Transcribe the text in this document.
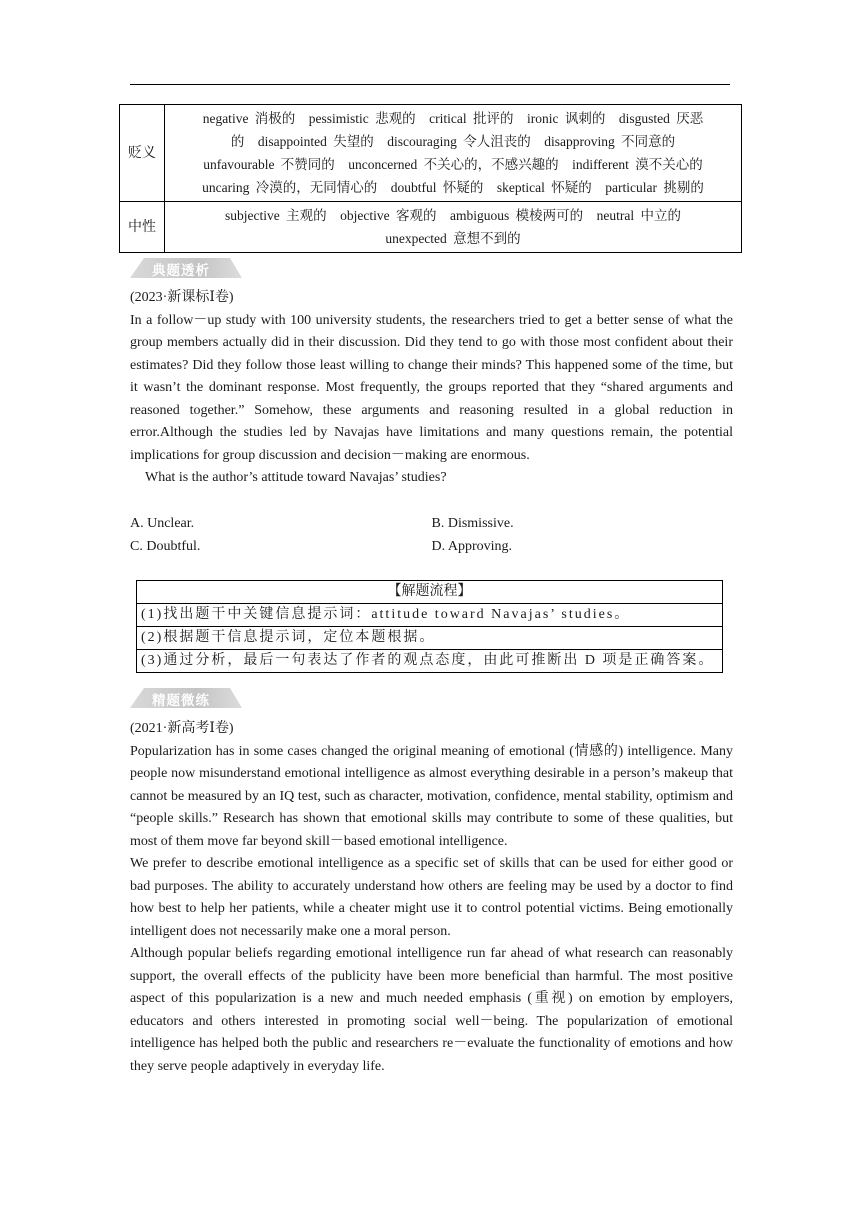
贬义	negative 消极的　pessimistic 悲观的　critical 批评的　ironic 讽刺的　disgusted 厌恶
的　disappointed 失望的　discouraging 令人沮丧的　disapproving 不同意的
unfavourable 不赞同的　unconcerned 不关心的，不感兴趣的　indifferent 漠不关心的
uncaring 冷漠的，无同情心的　doubtful 怀疑的　skeptical 怀疑的　particular 挑剔的

中性	subjective 主观的　objective 客观的　ambiguous 模棱两可的　neutral 中立的
unexpected 意想不到的
典题透析

(2023·新课标Ⅰ卷)

In a follow－up study with 100 university students, the researchers tried to get a better sense of what the group members actually did in their discussion. Did they tend to go with those most confident about their estimates? Did they follow those least willing to change their minds? This happened some of the time, but it wasn’t the dominant response. Most frequently, the groups reported that they “shared arguments and reasoned together.” Somehow, these arguments and reasoning resulted in a global reduction in error.Although the studies led by Navajas have limitations and many questions remain, the potential implications for group discussion and decision－making are enormous.

What is the author’s attitude toward Navajas’ studies?

A. Unclear.	B. Dismissive.
C. Doubtful.	D. Approving.
【解题流程】
(1)找出题干中关键信息提示词：attitude toward Navajas’ studies。
(2)根据题干信息提示词，定位本题根据。
(3)通过分析，最后一句表达了作者的观点态度，由此可推断出 D 项是正确答案。
精题微练

(2021·新高考Ⅰ卷)

Popularization has in some cases changed the original meaning of emotional (情感的) intelligence. Many people now misunderstand emotional intelligence as almost everything desirable in a person’s makeup that cannot be measured by an IQ test, such as character, motivation, confidence, mental stability, optimism and “people skills.” Research has shown that emotional skills may contribute to some of these qualities, but most of them move far beyond skill－based emotional intelligence.

We prefer to describe emotional intelligence as a specific set of skills that can be used for either good or bad purposes. The ability to accurately understand how others are feeling may be used by a doctor to find how best to help her patients, while a cheater might use it to control potential victims. Being emotionally intelligent does not necessarily make one a moral person.

Although popular beliefs regarding emotional intelligence run far ahead of what research can reasonably support, the overall effects of the publicity have been more beneficial than harmful. The most positive aspect of this popularization is a new and much needed emphasis (重视) on emotion by employers, educators and others interested in promoting social well－being. The popularization of emotional intelligence has helped both the public and researchers re－evaluate the functionality of emotions and how they serve people adaptively in everyday life.
